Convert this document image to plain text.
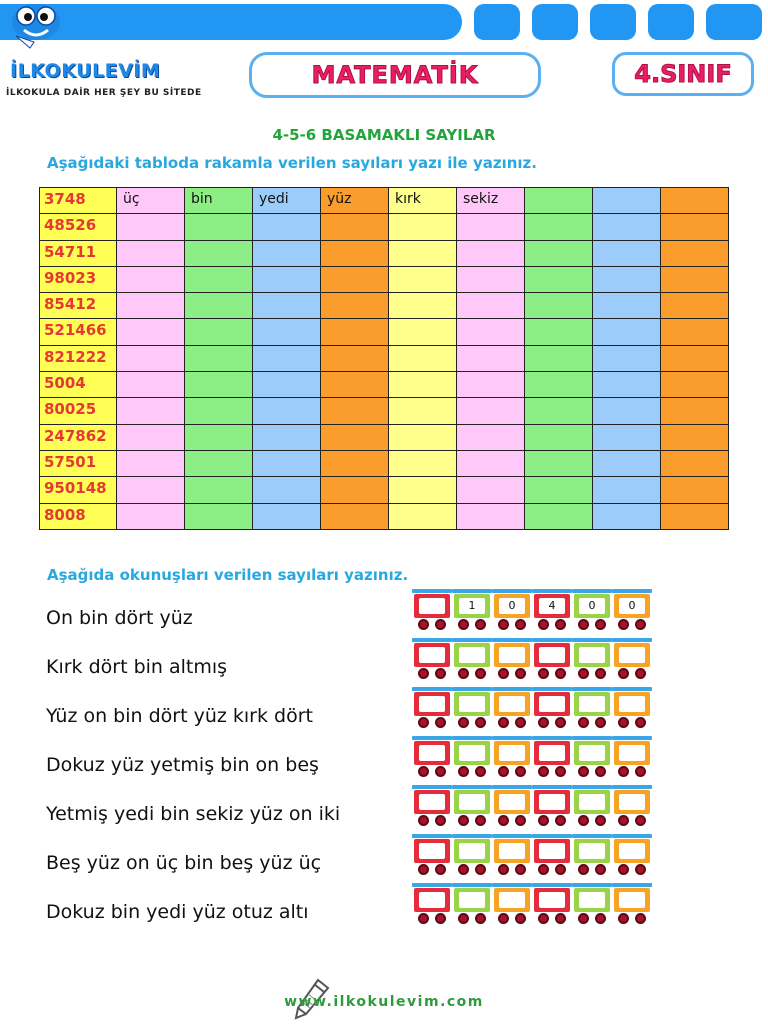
İLKOKULEVİM
İLKOKULA DAİR HER ŞEY BU SİTEDE
MATEMATİK	4.SINIF
4-5-6 BASAMAKLI SAYILAR
Aşağıdaki tabloda rakamla verilen sayıları yazı ile yazınız.
3748	üç	bin	yedi	yüz	kırk	sekiz			
48526									
54711									
98023									
85412									
521466									
821222									
5004									
80025									
247862									
57501									
950148									
8008									
Aşağıda okunuşları verilen sayıları yazınız.
On bin dört yüz
Kırk dört bin altmış
Yüz on bin dört yüz kırk dört
Dokuz yüz yetmiş bin on beş
Yetmiş yedi bin sekiz yüz on iki
Beş yüz on üç bin beş yüz üç
Dokuz bin yedi yüz otuz altı
1	0	4	0	0
www.ilkokulevim.com
